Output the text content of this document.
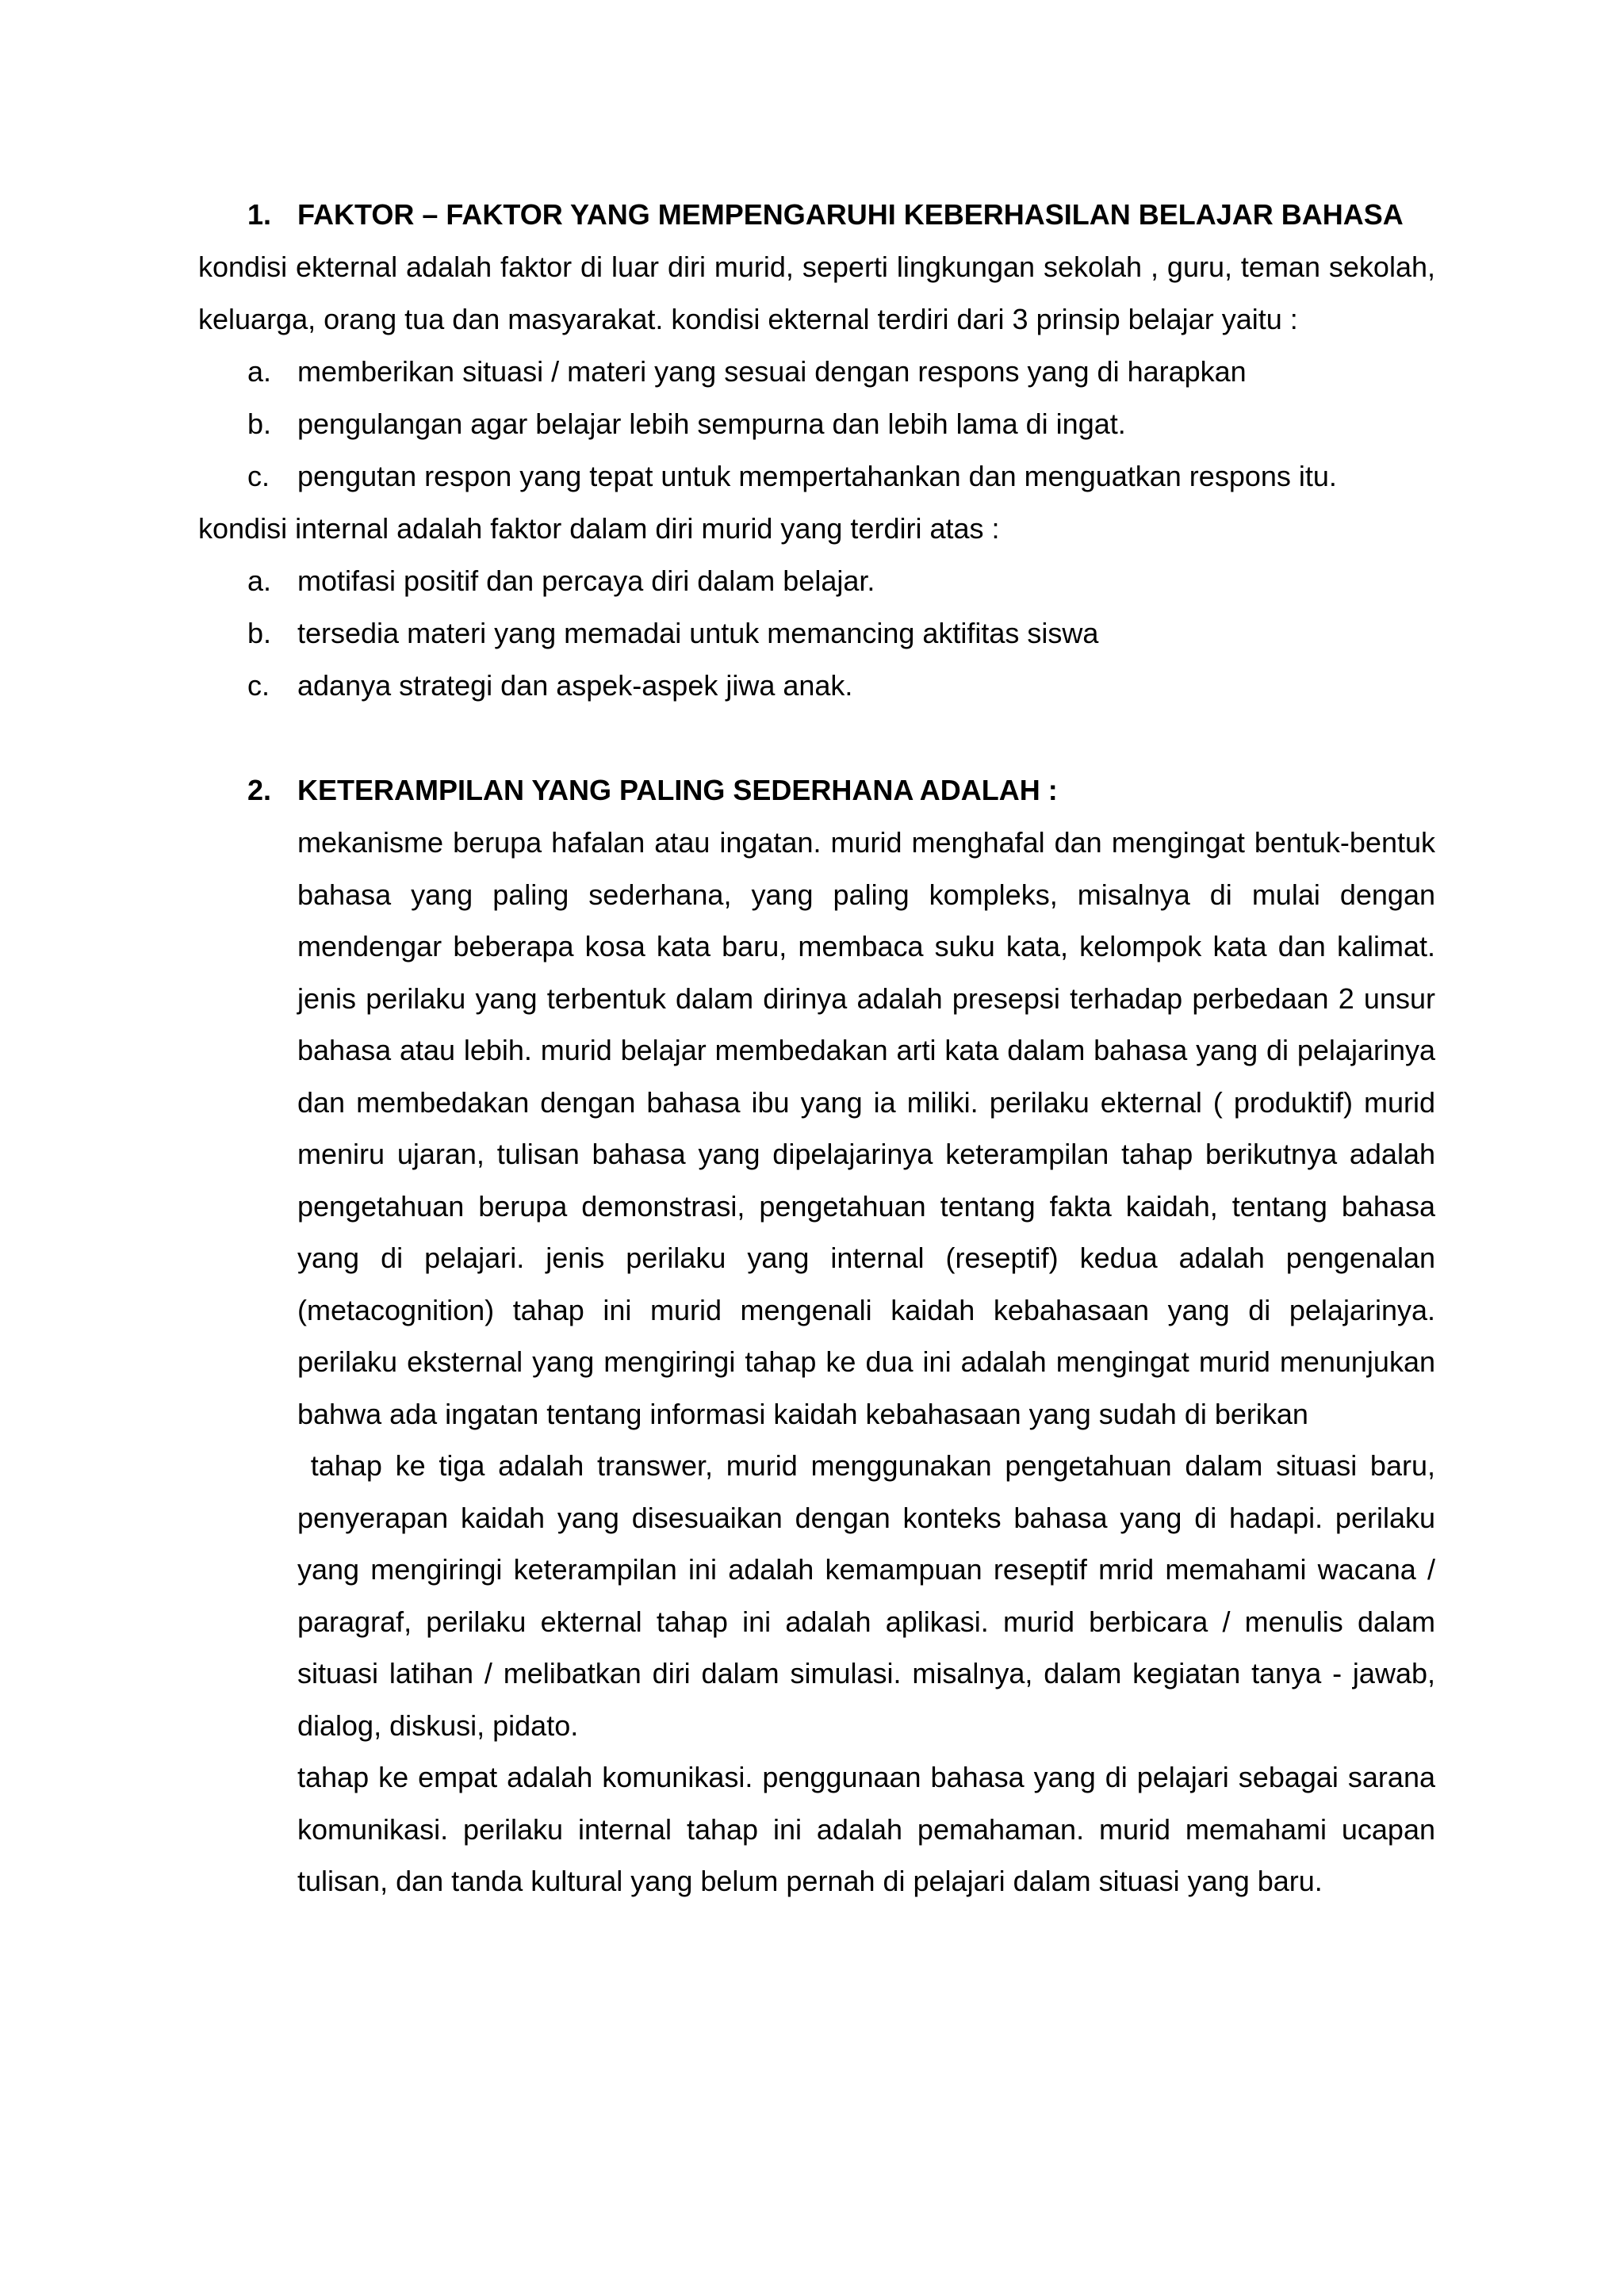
1. FAKTOR – FAKTOR YANG MEMPENGARUHI KEBERHASILAN BELAJAR BAHASA

kondisi ekternal adalah faktor di luar diri murid, seperti lingkungan sekolah , guru, teman sekolah, keluarga, orang tua dan masyarakat. kondisi ekternal terdiri dari 3 prinsip belajar yaitu :

a. memberikan situasi / materi yang sesuai dengan respons yang di harapkan
b. pengulangan agar belajar lebih sempurna dan lebih lama di ingat.
c. pengutan respon yang tepat untuk mempertahankan dan menguatkan respons itu.

kondisi internal adalah faktor dalam diri murid yang terdiri atas :

a. motifasi positif dan percaya diri dalam belajar.
b. tersedia materi yang memadai untuk memancing aktifitas siswa
c. adanya strategi dan aspek-aspek jiwa anak.
2. KETERAMPILAN YANG PALING SEDERHANA ADALAH :

mekanisme berupa hafalan atau ingatan. murid menghafal dan mengingat bentuk-bentuk bahasa yang paling sederhana, yang paling kompleks, misalnya di mulai dengan mendengar beberapa kosa kata baru, membaca suku kata, kelompok kata dan kalimat. jenis perilaku yang terbentuk dalam dirinya adalah presepsi terhadap perbedaan 2 unsur bahasa atau lebih. murid belajar membedakan arti kata dalam bahasa yang di pelajarinya dan membedakan dengan bahasa ibu yang ia miliki. perilaku ekternal ( produktif) murid meniru ujaran, tulisan bahasa yang dipelajarinya keterampilan tahap berikutnya adalah pengetahuan berupa demonstrasi, pengetahuan tentang fakta kaidah, tentang bahasa yang di pelajari. jenis perilaku yang internal (reseptif) kedua adalah pengenalan (metacognition) tahap ini murid mengenali kaidah kebahasaan yang di pelajarinya. perilaku eksternal yang mengiringi tahap ke dua ini adalah mengingat murid menunjukan bahwa ada ingatan tentang informasi kaidah kebahasaan yang sudah di berikan

tahap ke tiga adalah transwer, murid menggunakan pengetahuan dalam situasi baru, penyerapan kaidah yang disesuaikan dengan konteks bahasa yang di hadapi. perilaku yang mengiringi keterampilan ini adalah kemampuan reseptif mrid memahami wacana / paragraf, perilaku ekternal tahap ini adalah aplikasi. murid berbicara / menulis dalam situasi latihan / melibatkan diri dalam simulasi. misalnya, dalam kegiatan tanya - jawab, dialog, diskusi, pidato.

tahap ke empat adalah komunikasi. penggunaan bahasa yang di pelajari sebagai sarana komunikasi. perilaku internal tahap ini adalah pemahaman. murid memahami ucapan tulisan, dan tanda kultural yang belum pernah di pelajari dalam situasi yang baru.
